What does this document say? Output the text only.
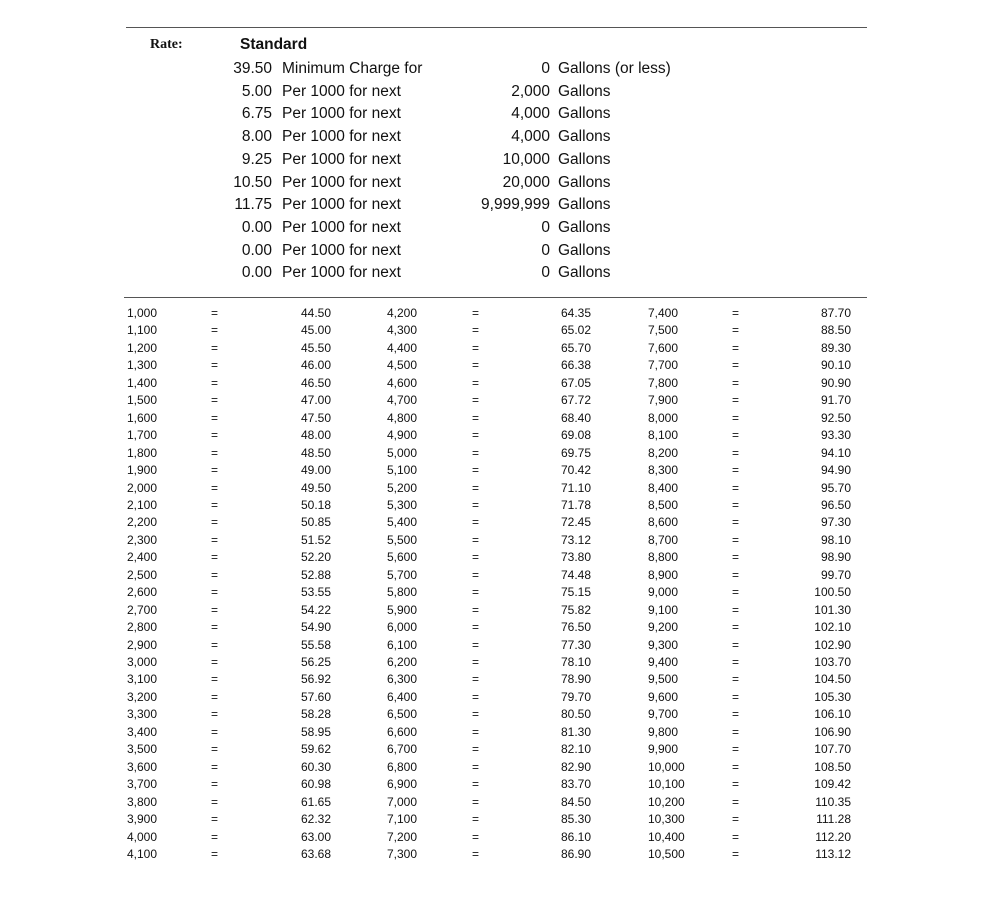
Rate:	Standard
39.50 Minimum Charge for	0 Gallons (or less)
5.00 Per 1000 for next	2,000 Gallons
6.75 Per 1000 for next	4,000 Gallons
8.00 Per 1000 for next	4,000 Gallons
9.25 Per 1000 for next	10,000 Gallons
10.50 Per 1000 for next	20,000 Gallons
11.75 Per 1000 for next	9,999,999 Gallons
0.00 Per 1000 for next	0 Gallons
0.00 Per 1000 for next	0 Gallons
0.00 Per 1000 for next	0 Gallons
1,000	=	44.50	4,200	=	64.35	7,400	=	87.70
1,100	=	45.00	4,300	=	65.02	7,500	=	88.50
1,200	=	45.50	4,400	=	65.70	7,600	=	89.30
1,300	=	46.00	4,500	=	66.38	7,700	=	90.10
1,400	=	46.50	4,600	=	67.05	7,800	=	90.90
1,500	=	47.00	4,700	=	67.72	7,900	=	91.70
1,600	=	47.50	4,800	=	68.40	8,000	=	92.50
1,700	=	48.00	4,900	=	69.08	8,100	=	93.30
1,800	=	48.50	5,000	=	69.75	8,200	=	94.10
1,900	=	49.00	5,100	=	70.42	8,300	=	94.90
2,000	=	49.50	5,200	=	71.10	8,400	=	95.70
2,100	=	50.18	5,300	=	71.78	8,500	=	96.50
2,200	=	50.85	5,400	=	72.45	8,600	=	97.30
2,300	=	51.52	5,500	=	73.12	8,700	=	98.10
2,400	=	52.20	5,600	=	73.80	8,800	=	98.90
2,500	=	52.88	5,700	=	74.48	8,900	=	99.70
2,600	=	53.55	5,800	=	75.15	9,000	=	100.50
2,700	=	54.22	5,900	=	75.82	9,100	=	101.30
2,800	=	54.90	6,000	=	76.50	9,200	=	102.10
2,900	=	55.58	6,100	=	77.30	9,300	=	102.90
3,000	=	56.25	6,200	=	78.10	9,400	=	103.70
3,100	=	56.92	6,300	=	78.90	9,500	=	104.50
3,200	=	57.60	6,400	=	79.70	9,600	=	105.30
3,300	=	58.28	6,500	=	80.50	9,700	=	106.10
3,400	=	58.95	6,600	=	81.30	9,800	=	106.90
3,500	=	59.62	6,700	=	82.10	9,900	=	107.70
3,600	=	60.30	6,800	=	82.90	10,000	=	108.50
3,700	=	60.98	6,900	=	83.70	10,100	=	109.42
3,800	=	61.65	7,000	=	84.50	10,200	=	110.35
3,900	=	62.32	7,100	=	85.30	10,300	=	111.28
4,000	=	63.00	7,200	=	86.10	10,400	=	112.20
4,100	=	63.68	7,300	=	86.90	10,500	=	113.12
